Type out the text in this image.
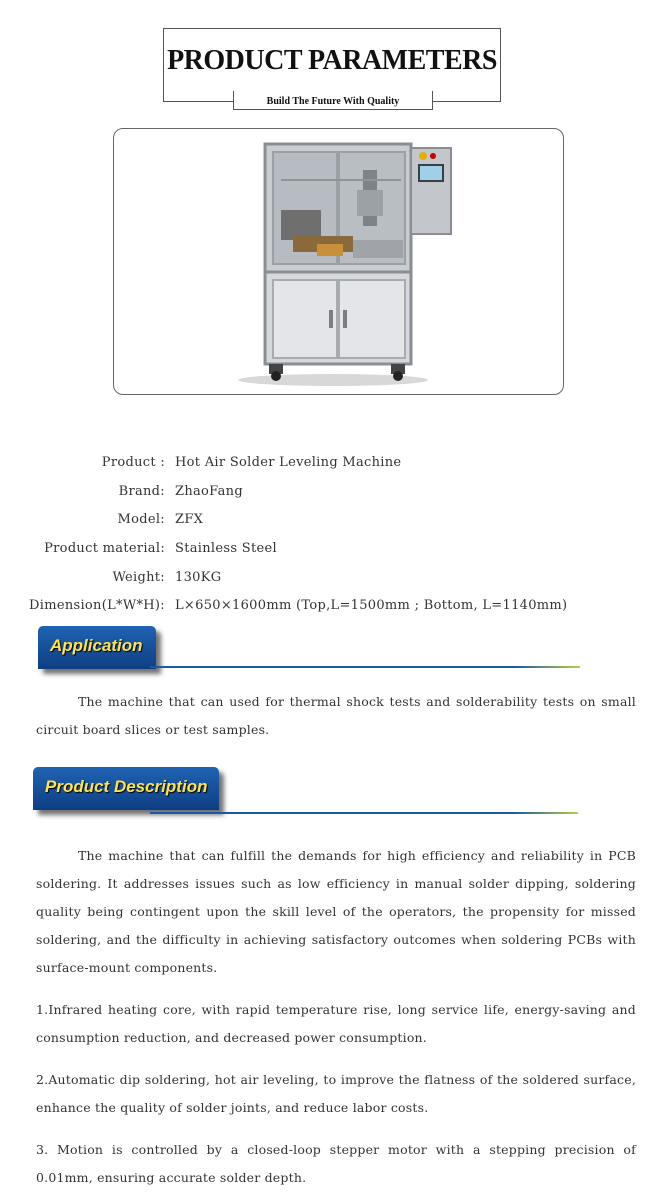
PRODUCT PARAMETERS
Build The Future With Quality
Product : Hot Air Solder Leveling Machine
Brand: ZhaoFang
Model: ZFX
Product material: Stainless Steel
Weight: 130KG
Dimension(L*W*H): L×650×1600mm (Top,L=1500mm ; Bottom, L=1140mm)
Application
The machine that can used for thermal shock tests and solderability tests on small circuit board slices or test samples.
Product Description
The machine that can fulfill the demands for high efficiency and reliability in PCB soldering. It addresses issues such as low efficiency in manual solder dipping, soldering quality being contingent upon the skill level of the operators, the propensity for missed soldering, and the difficulty in achieving satisfactory outcomes when soldering PCBs with surface-mount components.
1.Infrared heating core, with rapid temperature rise, long service life, energy-saving and consumption reduction, and decreased power consumption.
2.Automatic dip soldering, hot air leveling, to improve the flatness of the soldered surface, enhance the quality of solder joints, and reduce labor costs.
3. Motion is controlled by a closed-loop stepper motor with a stepping precision of 0.01mm, ensuring accurate solder depth.
